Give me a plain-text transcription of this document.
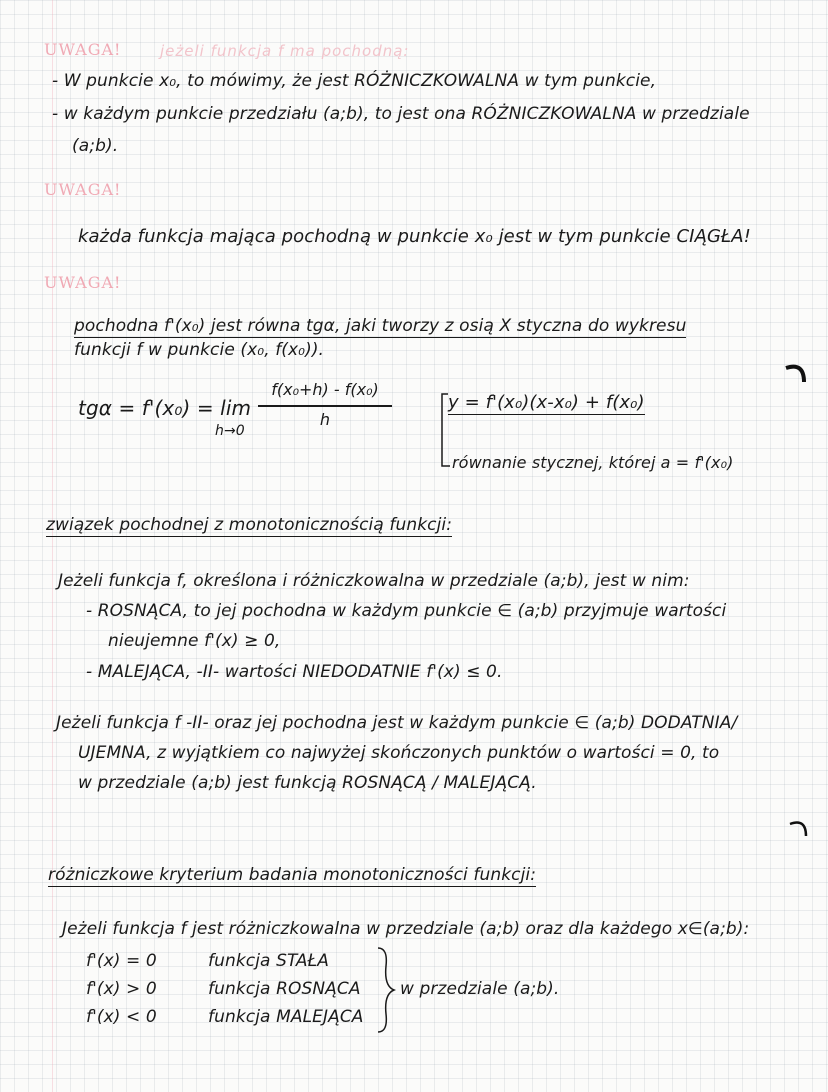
UWAGA!	jeżeli funkcja f ma pochodną:
UWAGA!
UWAGA!
- W punkcie x₀, to mówimy, że jest RÓŻNICZKOWALNA w tym punkcie,
- w każdym punkcie przedziału (a;b), to jest ona RÓŻNICZKOWALNA w przedziale
(a;b).
każda funkcja mająca pochodną w punkcie x₀ jest w tym punkcie CIĄGŁA!
pochodna f'(x₀) jest równa tgα, jaki tworzy z osią X styczna do wykresu
funkcji f w punkcie (x₀, f(x₀)).
tgα = f'(x₀) = lim
h→0
f(x₀+h) - f(x₀)
h
y = f'(x₀)(x-x₀) + f(x₀)
równanie stycznej, której a = f'(x₀)
związek pochodnej z monotonicznością funkcji:
Jeżeli funkcja f, określona i różniczkowalna w przedziale (a;b), jest w nim:
- ROSNĄCA, to jej pochodna w każdym punkcie ∈ (a;b) przyjmuje wartości
nieujemne f'(x) ≥ 0,
- MALEJĄCA, -II- wartości NIEDODATNIE f'(x) ≤ 0.
Jeżeli funkcja f -II- oraz jej pochodna jest w każdym punkcie ∈ (a;b) DODATNIA/
UJEMNA, z wyjątkiem co najwyżej skończonych punktów o wartości = 0, to
w przedziale (a;b) jest funkcją ROSNĄCĄ / MALEJĄCĄ.
różniczkowe kryterium badania monotoniczności funkcji:
Jeżeli funkcja f jest różniczkowalna w przedziale (a;b) oraz dla każdego x∈(a;b):
f'(x) = 0	funkcja STAŁA
f'(x) > 0	funkcja ROSNĄCA
f'(x) < 0	funkcja MALEJĄCA
w przedziale (a;b).
